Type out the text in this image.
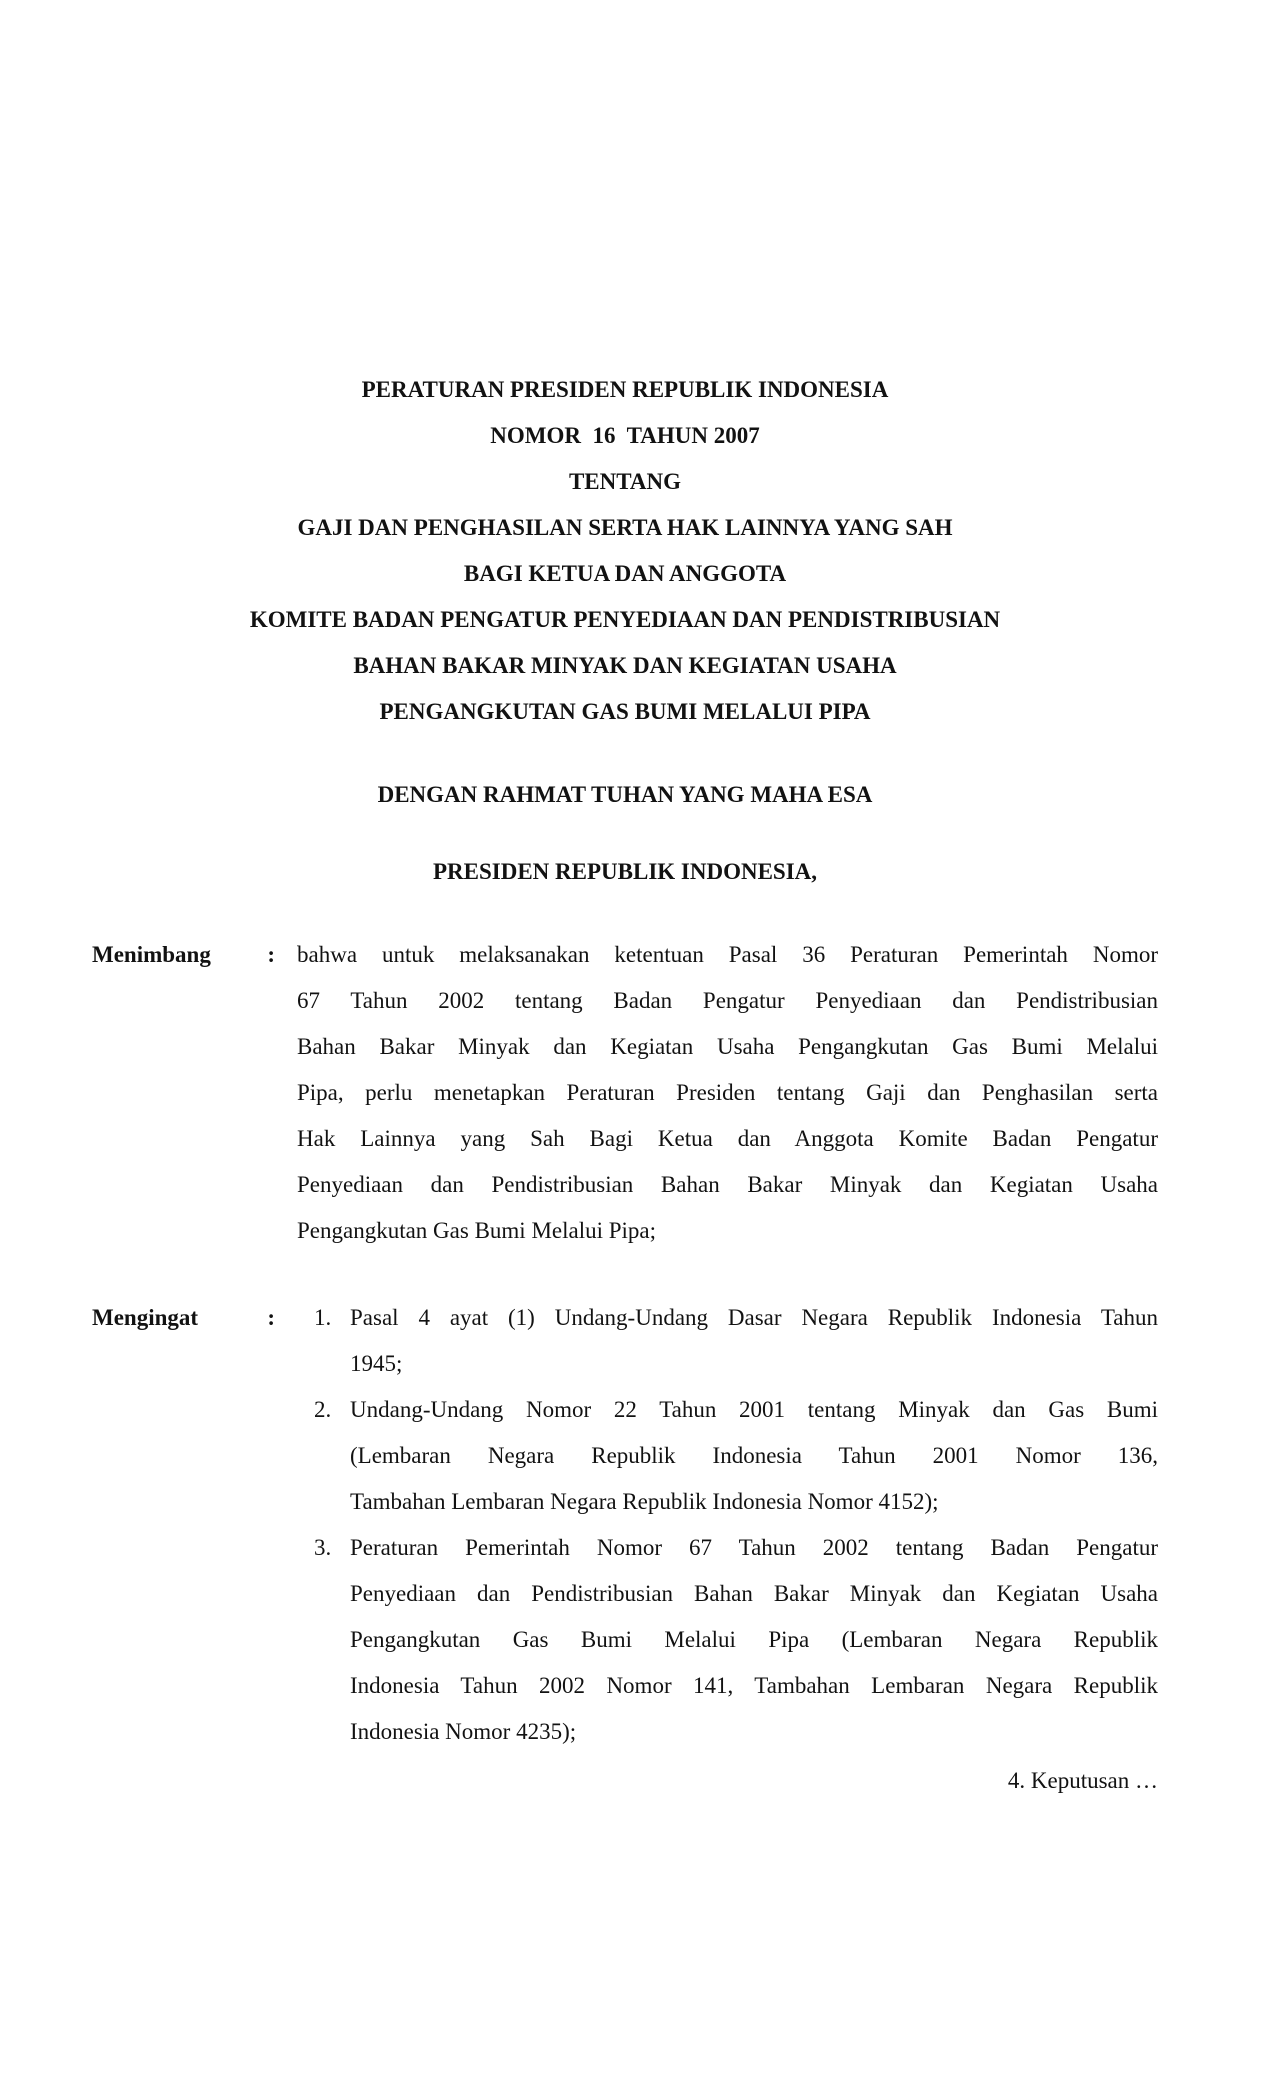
PERATURAN PRESIDEN REPUBLIK INDONESIA
NOMOR  16  TAHUN 2007
TENTANG
GAJI DAN PENGHASILAN SERTA HAK LAINNYA YANG SAH
BAGI KETUA DAN ANGGOTA
KOMITE BADAN PENGATUR PENYEDIAAN DAN PENDISTRIBUSIAN
BAHAN BAKAR MINYAK DAN KEGIATAN USAHA
PENGANGKUTAN GAS BUMI MELALUI PIPA
DENGAN RAHMAT TUHAN YANG MAHA ESA
PRESIDEN REPUBLIK INDONESIA,
Menimbang : bahwa untuk melaksanakan ketentuan Pasal 36 Peraturan Pemerintah Nomor
67 Tahun 2002 tentang Badan Pengatur Penyediaan dan Pendistribusian
Bahan Bakar Minyak dan Kegiatan Usaha Pengangkutan Gas Bumi Melalui
Pipa, perlu menetapkan Peraturan Presiden tentang Gaji dan Penghasilan serta
Hak Lainnya yang Sah Bagi Ketua dan Anggota Komite Badan Pengatur
Penyediaan dan Pendistribusian Bahan Bakar Minyak dan Kegiatan Usaha
Pengangkutan Gas Bumi Melalui Pipa;
Mengingat	: 1. Pasal 4 ayat (1) Undang-Undang Dasar Negara Republik Indonesia Tahun
1945;
2. Undang-Undang Nomor 22 Tahun 2001 tentang Minyak dan Gas Bumi
(Lembaran Negara Republik Indonesia Tahun 2001 Nomor 136,
Tambahan Lembaran Negara Republik Indonesia Nomor 4152);
3. Peraturan Pemerintah Nomor 67 Tahun 2002 tentang Badan Pengatur
Penyediaan dan Pendistribusian Bahan Bakar Minyak dan Kegiatan Usaha
Pengangkutan Gas Bumi Melalui Pipa (Lembaran Negara Republik
Indonesia Tahun 2002 Nomor 141, Tambahan Lembaran Negara Republik
Indonesia Nomor 4235);
4. Keputusan …
